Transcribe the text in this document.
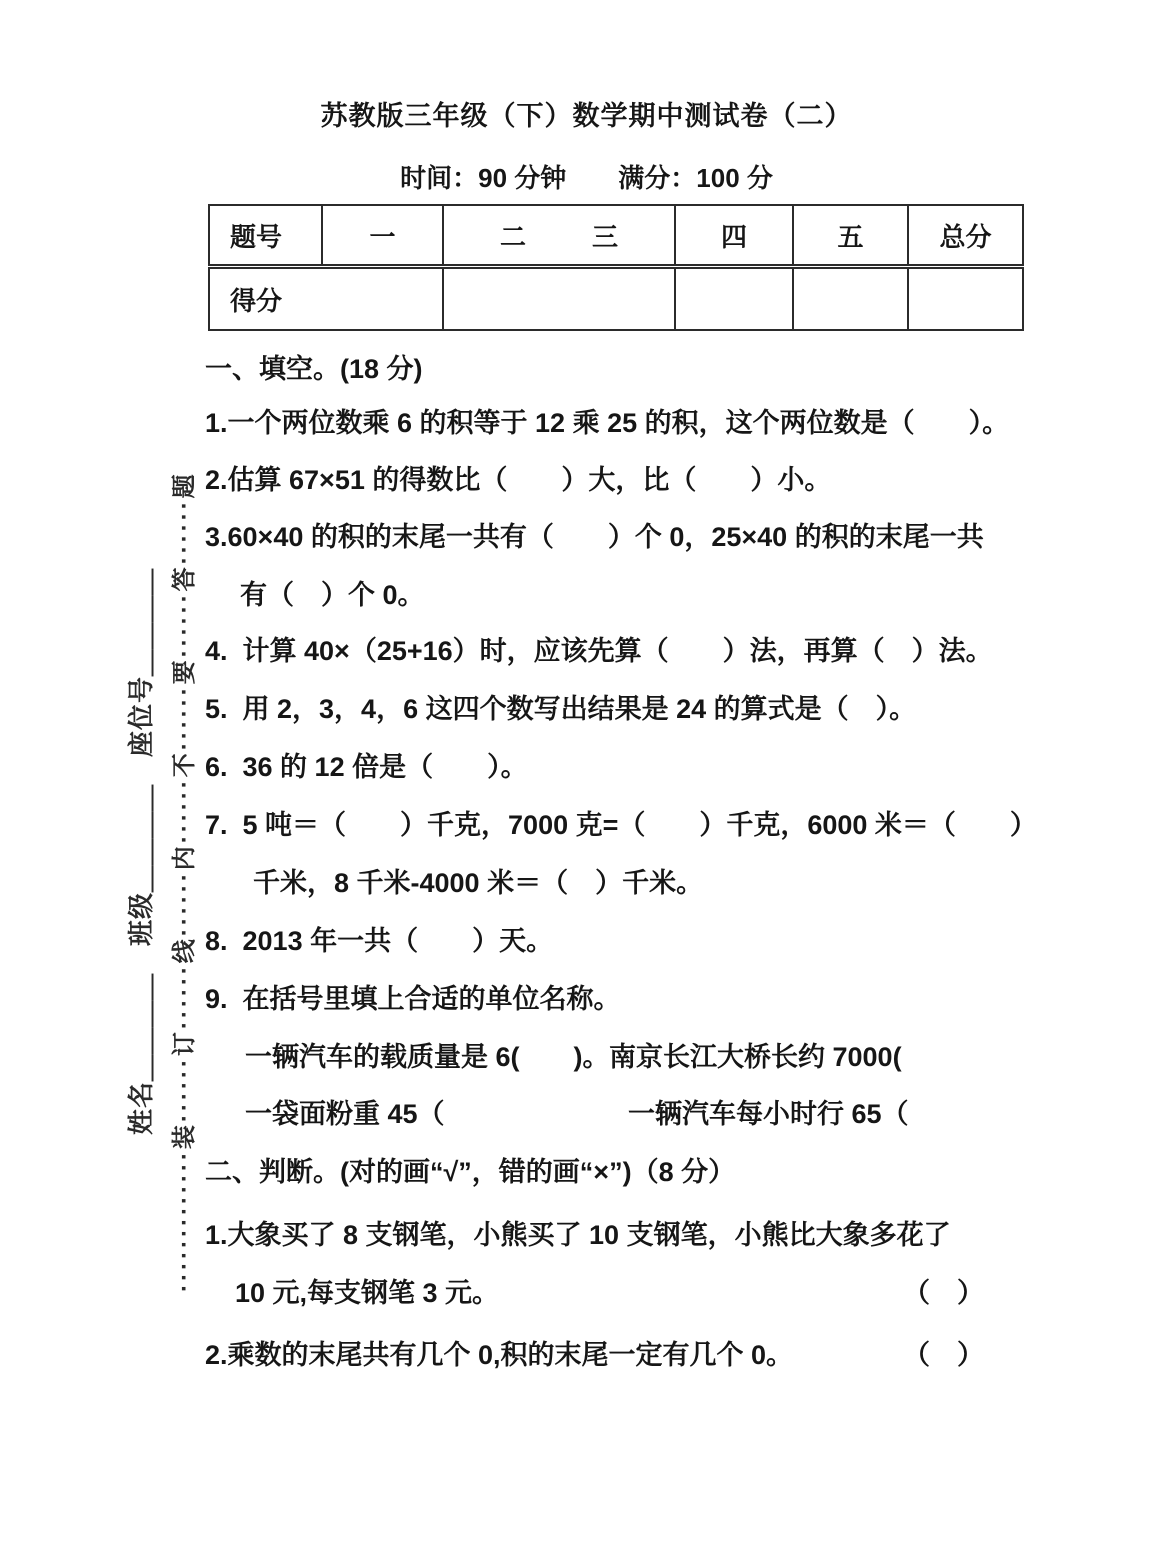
苏教版三年级（下）数学期中测试卷（二）
时间：90 分钟　　满分：100 分
题号	一	二 三	四	五	总分
得分					
姓名＿＿＿＿　班级＿＿＿＿　座位号＿＿＿＿ ·············装······订······线······内······不······要······答······题
一、填空。(18 分)
1.一个两位数乘 6 的积等于 12 乘 25 的积，这个两位数是（　　）。
2.估算 67×51 的得数比（　　）大，比（　　）小。
3.60×40 的积的末尾一共有（　　）个 0，25×40 的积的末尾一共
有（　）个 0。
4.  计算 40×（25+16）时，应该先算（　　）法，再算（　）法。
5.  用 2，3，4，6 这四个数写出结果是 24 的算式是（　）。
6.  36 的 12 倍是（　　）。
7.  5 吨＝（　　）千克，7000 克=（　　）千克，6000 米＝（　　）
千米，8 千米-4000 米＝（　）千米。
8.  2013 年一共（　　）天。
9.  在括号里填上合适的单位名称。

一辆汽车的载质量是 6(　　)。

南京长江大桥长约 7000(

一袋面粉重 45（

	一辆汽车每小时行 65（

二、判断。(对的画“√”，错的画“×”)（8 分）
1.大象买了 8 支钢笔，小熊买了 10 支钢笔，小熊比大象多花了

10 元,每支钢笔 3 元。

	（　）

2.乘数的末尾共有几个 0,积的末尾一定有几个 0。

	（　）
